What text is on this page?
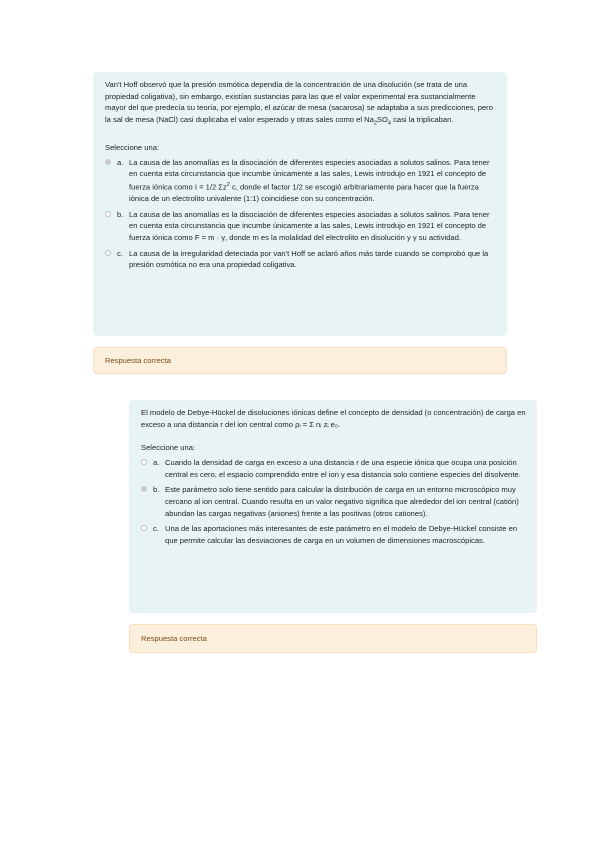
Van't Hoff observó que la presión osmótica dependía de la concentración de una disolución (se trata de una propiedad coligativa), sin embargo, existían sustancias para las que el valor experimental era sustancialmente mayor del que predecía su teoría, por ejemplo, el azúcar de mesa (sacarosa) se adaptaba a sus predicciones, pero la sal de mesa (NaCl) casi duplicaba el valor esperado y otras sales como el $Na_2SO_4$ casi la triplicaban.
Seleccione una:
a. La causa de las anomalías es la disociación de diferentes especies asociadas a solutos salinos. Para tener en cuenta esta circunstancia que incumbe únicamente a las sales, Lewis introdujo en 1921 el concepto de fuerza iónica como I = 1/2 $\Sigma z^2$ c, donde el factor 1/2 se escogió arbitrariamente para hacer que la fuerza iónica de un electrolito univalente (1:1) coincidiese con su concentración.
b. La causa de las anomalías es la disociación de diferentes especies asociadas a solutos salinos. Para tener en cuenta esta circunstancia que incumbe únicamente a las sales, Lewis introdujo en 1921 el concepto de fuerza iónica como F = m · γ, donde m es la molalidad del electrolito en disolución y γ su actividad.
c. La causa de la irregularidad detectada por van't Hoff se aclaró años más tarde cuando se comprobó que la presión osmótica no era una propiedad coligativa.
Respuesta correcta
El modelo de Debye-Hückel de disoluciones iónicas define el concepto de densidad (o concentración) de carga en exceso a una distancia r del ion central como ρᵢ = Σ nᵢ zᵢ e₀.
Seleccione una:
a. Cuando la densidad de carga en exceso a una distancia r de una especie iónica que ocupa una posición central es cero, el espacio comprendido entre el ion y esa distancia solo contiene especies del disolvente.
b. Este parámetro solo tiene sentido para calcular la distribución de carga en un entorno microscópico muy cercano al ion central. Cuando resulta en un valor negativo significa que alrededor del ion central (catión) abundan las cargas negativas (aniones) frente a las positivas (otros cationes).
c. Una de las aportaciones más interesantes de este parámetro en el modelo de Debye-Hückel consiste en que permite calcular las desviaciones de carga en un volumen de dimensiones macroscópicas.
Respuesta correcta
